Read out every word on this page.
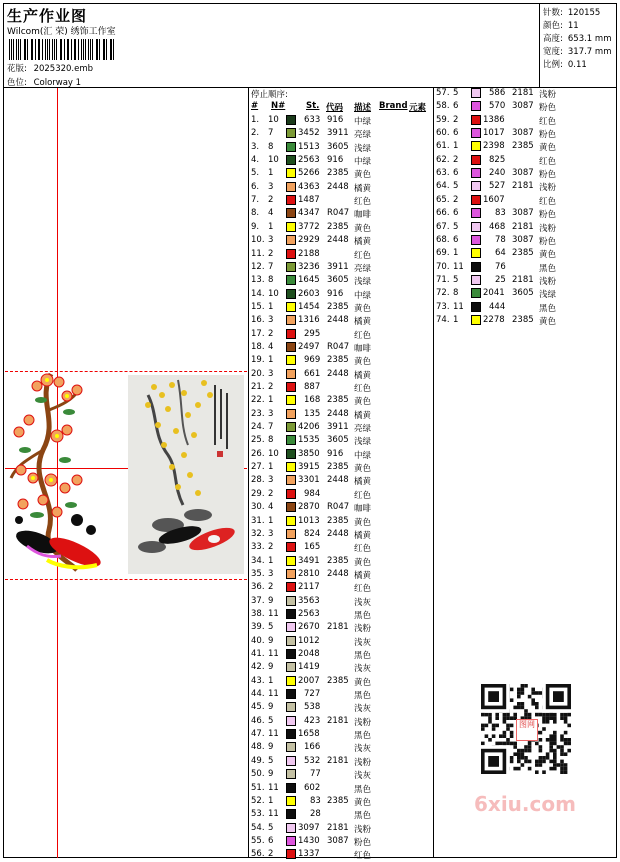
生产作业图
Wilcom(汇 荣) 绣饰工作室
花版: 2025320.emb
色位: Colorway 1
针数: 120155
颜色: 11
高度: 653.1 mm
宽度: 317.7 mm
比例: 0.11
停止顺序:
# N# St. 代码 描述 Brand 元素
1. 10	633 916 中绿
2. 7	3452 3911 亮绿
3. 8	1513 3605 浅绿
4. 10 2563 916 中绿
5. 1	5266 2385 黄色
6. 3	4363 2448 橘黄
7. 2	1487	红色
8. 4	4347 R047 咖啡
9. 1	3772 2385 黄色
10. 3	2929 2448 橘黄
11. 2	2188	红色
12. 7	3236 3911 亮绿
13. 8	1645 3605 浅绿
14. 10 2603 916 中绿
15. 1	1454 2385 黄色
16. 3	1316 2448 橘黄
17. 2	295	红色
18. 4	2497 R047 咖啡
19. 1	969 2385 黄色
20. 3	661 2448 橘黄
21. 2	887	红色
22. 1	168 2385 黄色
23. 3	135 2448 橘黄
24. 7	4206 3911 亮绿
25. 8	1535 3605 浅绿
26. 10 3850 916 中绿
27. 1	3915 2385 黄色
28. 3	3301 2448 橘黄
29. 2	984	红色
30. 4	2870 R047 咖啡
31. 1	1013 2385 黄色
32. 3	824 2448 橘黄
33. 2	165	红色
34. 1	3491 2385 黄色
35. 3	2810 2448 橘黄
36. 2	2117	红色
37. 9	3563	浅灰
38. 11 2563	黑色
39. 5	2670 2181 浅粉
40. 9	1012	浅灰
41. 11 2048	黑色
42. 9	1419	浅灰
43. 1	2007 2385 黄色
44. 11	727	黑色
45. 9	538	浅灰
46. 5	423 2181 浅粉
47. 11 1658	黑色
48. 9	166	浅灰
49. 5	532 2181 浅粉
50. 9	77	浅灰
51. 11	602	黑色
52. 1	83 2385 黄色
53. 11	28	黑色
54. 5	3097 2181 浅粉
55. 6	1430 3087 粉色
56. 2	1337	红色
57. 5	586 2181 浅粉
58. 6	570 3087 粉色
59. 2	1386	红色
60. 6	1017 3087 粉色
61. 1	2398 2385 黄色
62. 2	825	红色
63. 6	240 3087 粉色
64. 5	527 2181 浅粉
65. 2	1607	红色
66. 6	83 3087 粉色
67. 5	468 2181 浅粉
68. 6	78 3087 粉色
69. 1	64 2385 黄色
70. 11	76	黑色
71. 5	25 2181 浅粉
72. 8	2041 3605 浅绿
73. 11	444	黑色
74. 1	2278 2385 黄色
图网
6xiu.com
